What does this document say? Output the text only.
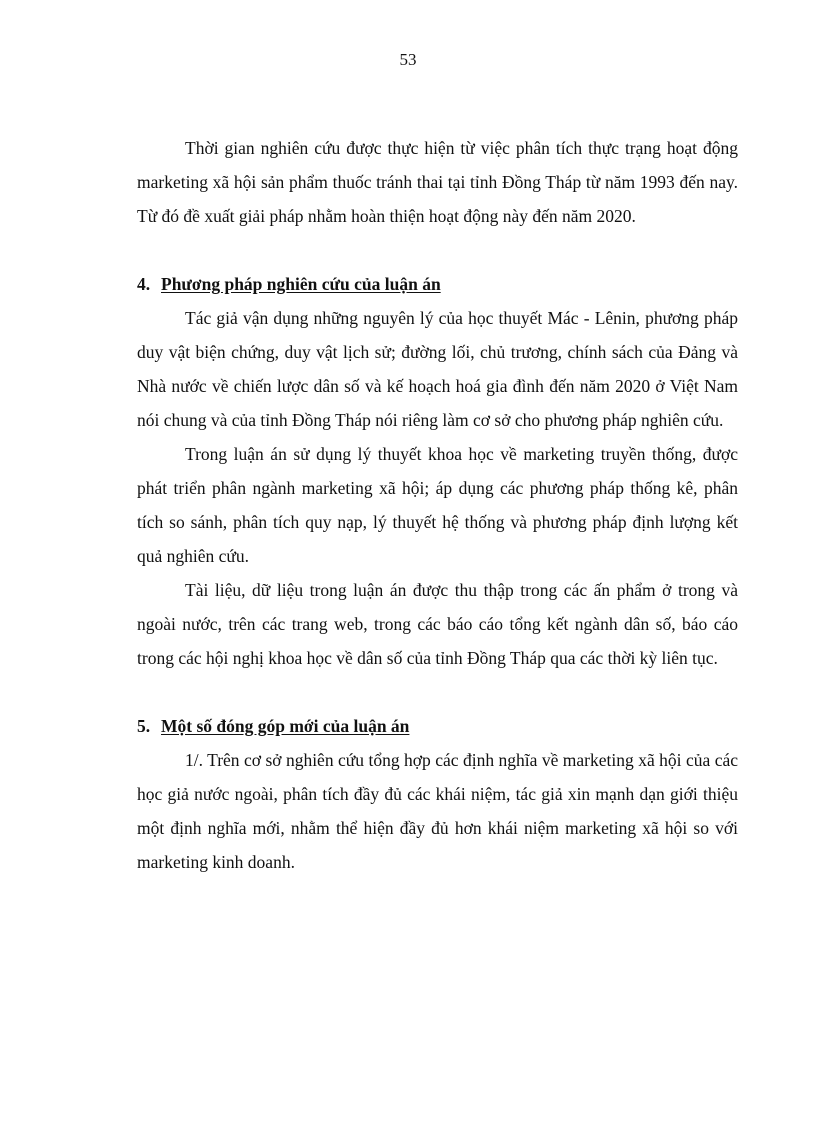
53

Thời gian nghiên cứu được thực hiện từ việc phân tích thực trạng hoạt động marketing xã hội sản phẩm thuốc tránh thai tại tỉnh Đồng Tháp từ năm 1993 đến nay. Từ đó đề xuất giải pháp nhằm hoàn thiện hoạt động này đến năm 2020.

4. Phương pháp nghiên cứu của luận án

Tác giả vận dụng những nguyên lý của học thuyết Mác - Lênin, phương pháp duy vật biện chứng, duy vật lịch sử; đường lối, chủ trương, chính sách của Đảng và Nhà nước về chiến lược dân số và kế hoạch hoá gia đình đến năm 2020 ở Việt Nam nói chung và của tỉnh Đồng Tháp nói riêng làm cơ sở cho phương pháp nghiên cứu.

Trong luận án sử dụng lý thuyết khoa học về marketing truyền thống, được phát triển phân ngành marketing xã hội; áp dụng các phương pháp thống kê, phân tích so sánh, phân tích quy nạp, lý thuyết hệ thống và phương pháp định lượng kết quả nghiên cứu.

Tài liệu, dữ liệu trong luận án được thu thập trong các ấn phẩm ở trong và ngoài nước, trên các trang web, trong các báo cáo tổng kết ngành dân số, báo cáo trong các hội nghị khoa học về dân số của tỉnh Đồng Tháp qua các thời kỳ liên tục.

5. Một số đóng góp mới của luận án

1/. Trên cơ sở nghiên cứu tổng hợp các định nghĩa về marketing xã hội của các học giả nước ngoài, phân tích đầy đủ các khái niệm, tác giả xin mạnh dạn giới thiệu một định nghĩa mới, nhằm thể hiện đầy đủ hơn khái niệm marketing xã hội so với marketing kinh doanh.
